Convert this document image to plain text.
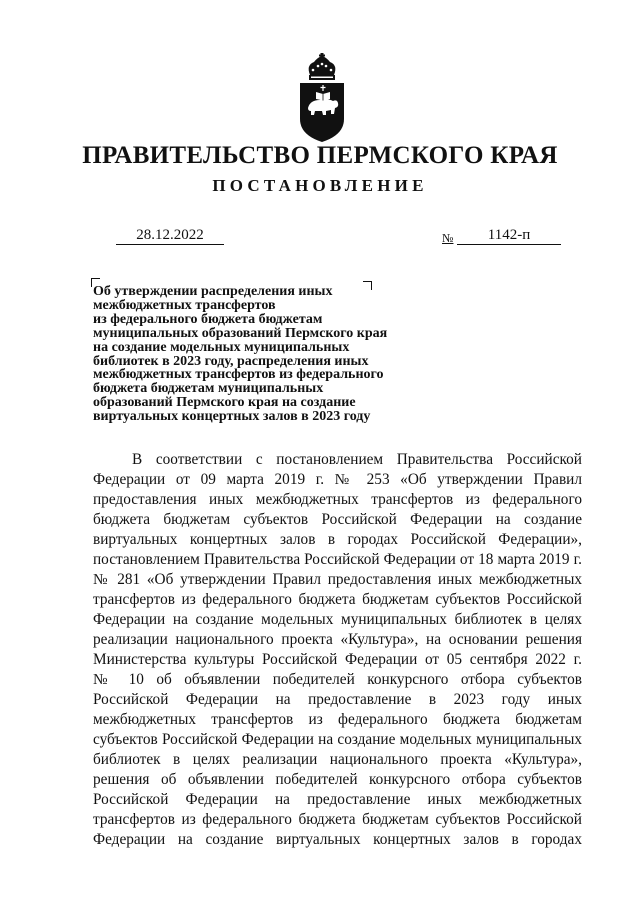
ПРАВИТЕЛЬСТВО ПЕРМСКОГО КРАЯ
ПОСТАНОВЛЕНИЕ
28.12.2022	№	1142-п

Об утверждении распределения иных
межбюджетных трансфертов
из федерального бюджета бюджетам
муниципальных образований Пермского края
на создание модельных муниципальных
библиотек в 2023 году, распределения иных
межбюджетных трансфертов из федерального
бюджета бюджетам муниципальных
образований Пермского края на создание
виртуальных концертных залов в 2023 году

В соответствии с постановлением Правительства Российской
Федерации от 09 марта 2019 г. № 253 «Об утверждении Правил
предоставления иных межбюджетных трансфертов из федерального
бюджета бюджетам субъектов Российской Федерации на создание
виртуальных концертных залов в городах Российской Федерации»,
постановлением Правительства Российской Федерации от 18 марта 2019 г.
№ 281 «Об утверждении Правил предоставления иных межбюджетных
трансфертов из федерального бюджета бюджетам субъектов Российской
Федерации на создание модельных муниципальных библиотек в целях
реализации национального проекта «Культура», на основании решения
Министерства культуры Российской Федерации от 05 сентября 2022 г.
№ 10 об объявлении победителей конкурсного отбора субъектов
Российской Федерации на предоставление в 2023 году иных
межбюджетных трансфертов из федерального бюджета бюджетам
субъектов Российской Федерации на создание модельных муниципальных
библиотек в целях реализации национального проекта «Культура»,
решения об объявлении победителей конкурсного отбора субъектов
Российской Федерации на предоставление иных межбюджетных
трансфертов из федерального бюджета бюджетам субъектов Российской
Федерации на создание виртуальных концертных залов в городах
